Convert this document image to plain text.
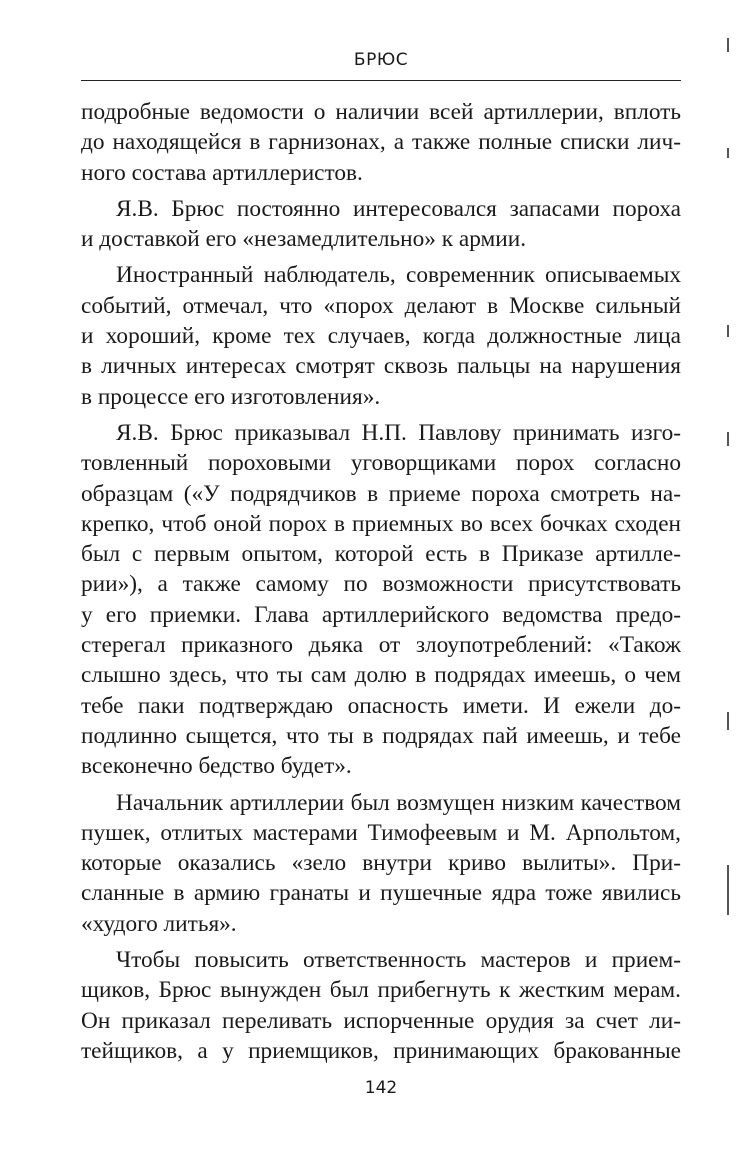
БРЮС
подробные ведомости о наличии всей артиллерии, вплоть
до находящейся в гарнизонах, а также полные списки лич-
ного состава артиллеристов.
Я.В. Брюс постоянно интересовался запасами пороха
и доставкой его «незамедлительно» к армии.
Иностранный наблюдатель, современник описываемых
событий, отмечал, что «порох делают в Москве сильный
и хороший, кроме тех случаев, когда должностные лица
в личных интересах смотрят сквозь пальцы на нарушения
в процессе его изготовления».
Я.В. Брюс приказывал Н.П. Павлову принимать изго-
товленный пороховыми уговорщиками порох согласно
образцам («У подрядчиков в приеме пороха смотреть на-
крепко, чтоб оной порох в приемных во всех бочках сходен
был с первым опытом, которой есть в Приказе артилле-
рии»), а также самому по возможности присутствовать
у его приемки. Глава артиллерийского ведомства предо-
стерегал приказного дьяка от злоупотреблений: «Також
слышно здесь, что ты сам долю в подрядах имеешь, о чем
тебе паки подтверждаю опасность имети. И ежели до-
подлинно сыщется, что ты в подрядах пай имеешь, и тебе
всеконечно бедство будет».
Начальник артиллерии был возмущен низким качеством
пушек, отлитых мастерами Тимофеевым и М. Арпольтом,
которые оказались «зело внутри криво вылиты». При-
сланные в армию гранаты и пушечные ядра тоже явились
«худого литья».
Чтобы повысить ответственность мастеров и прием-
щиков, Брюс вынужден был прибегнуть к жестким мерам.
Он приказал переливать испорченные орудия за счет ли-
тейщиков, а у приемщиков, принимающих бракованные
142
